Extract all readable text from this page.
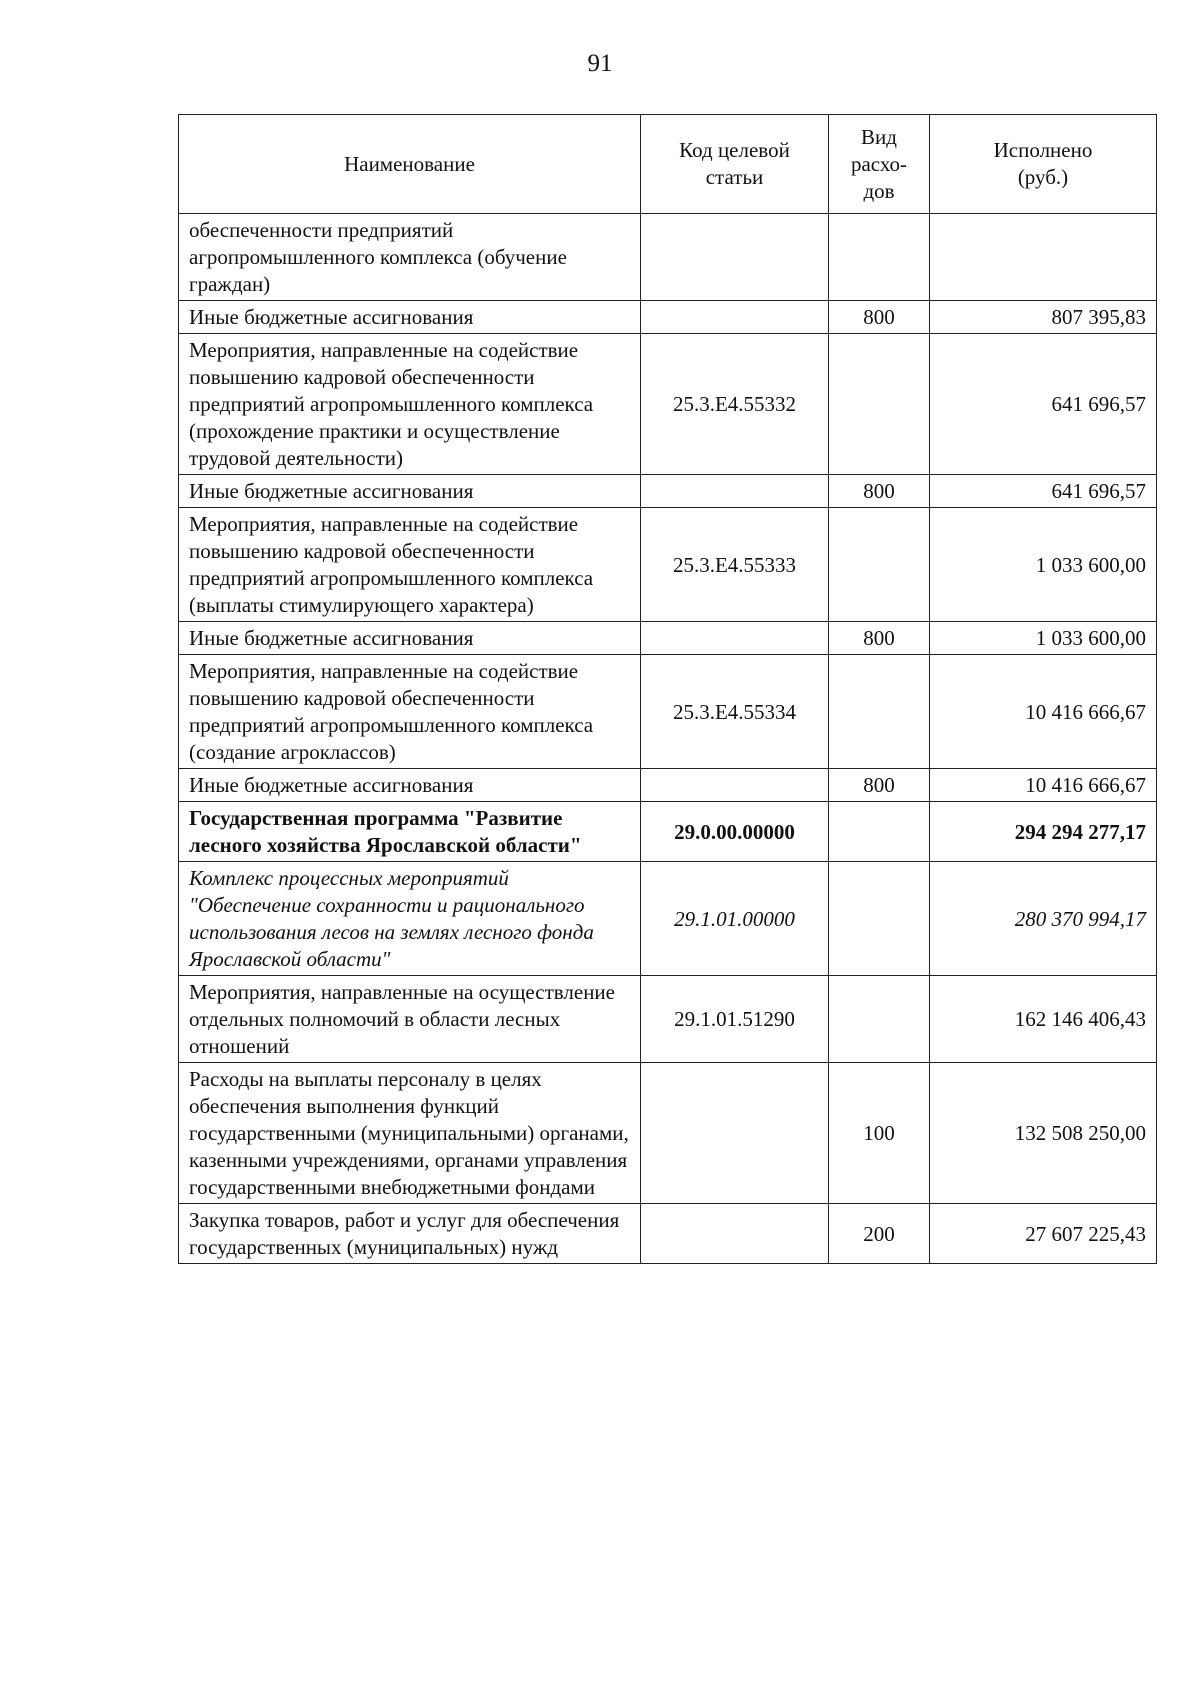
91
Наименование	Код целевой статьи	Вид расхо-дов	Исполнено (руб.)

обеспеченности предприятий агропромышленного комплекса (обучение граждан)			
Иные бюджетные ассигнования		800	807 395,83
Мероприятия, направленные на содействие повышению кадровой обеспеченности предприятий агропромышленного комплекса (прохождение практики и осуществление трудовой деятельности)	25.3.Е4.55332		641 696,57
Иные бюджетные ассигнования		800	641 696,57
Мероприятия, направленные на содействие повышению кадровой обеспеченности предприятий агропромышленного комплекса (выплаты стимулирующего характера)	25.3.Е4.55333		1 033 600,00
Иные бюджетные ассигнования		800	1 033 600,00
Мероприятия, направленные на содействие повышению кадровой обеспеченности предприятий агропромышленного комплекса (создание агроклассов)	25.3.Е4.55334		10 416 666,67
Иные бюджетные ассигнования		800	10 416 666,67
Государственная программа "Развитие лесного хозяйства Ярославской области"	29.0.00.00000		294 294 277,17
Комплекс процессных мероприятий "Обеспечение сохранности и рационального использования лесов на землях лесного фонда Ярославской области"	29.1.01.00000		280 370 994,17
Мероприятия, направленные на осуществление отдельных полномочий в области лесных отношений	29.1.01.51290		162 146 406,43
Расходы на выплаты персоналу в целях обеспечения выполнения функций государственными (муниципальными) органами, казенными учреждениями, органами управления государственными внебюджетными фондами		100	132 508 250,00
Закупка товаров, работ и услуг для обеспечения государственных (муниципальных) нужд		200	27 607 225,43
